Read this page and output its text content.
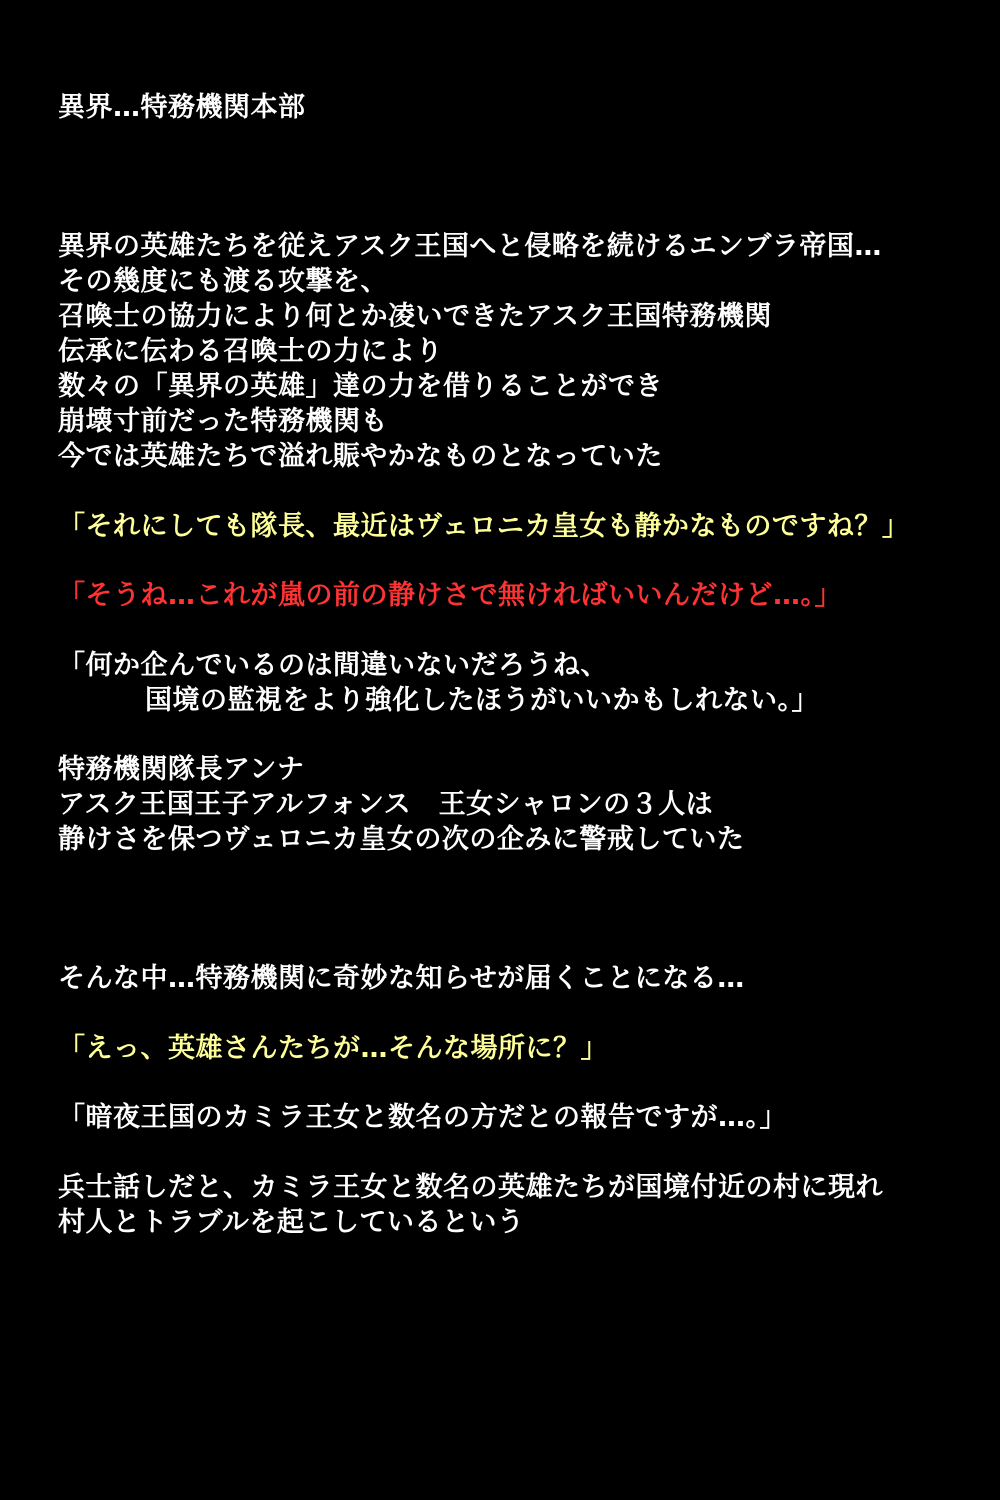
異界…特務機関本部
異界の英雄たちを従えアスク王国へと侵略を続けるエンブラ帝国…
その幾度にも渡る攻撃を、
召喚士の協力により何とか凌いできたアスク王国特務機関
伝承に伝わる召喚士の力により
数々の「異界の英雄」達の力を借りることができ
崩壊寸前だった特務機関も
今では英雄たちで溢れ賑やかなものとなっていた
「それにしても隊長、最近はヴェロニカ皇女も静かなものですね？」
「そうね…これが嵐の前の静けさで無ければいいんだけど…。」
「何か企んでいるのは間違いないだろうね、
国境の監視をより強化したほうがいいかもしれない。」
特務機関隊長アンナ
アスク王国王子アルフォンス　王女シャロンの３人は
静けさを保つヴェロニカ皇女の次の企みに警戒していた
そんな中…特務機関に奇妙な知らせが届くことになる…
「えっ、英雄さんたちが…そんな場所に？」
「暗夜王国のカミラ王女と数名の方だとの報告ですが…。」
兵士話しだと、カミラ王女と数名の英雄たちが国境付近の村に現れ
村人とトラブルを起こしているという
